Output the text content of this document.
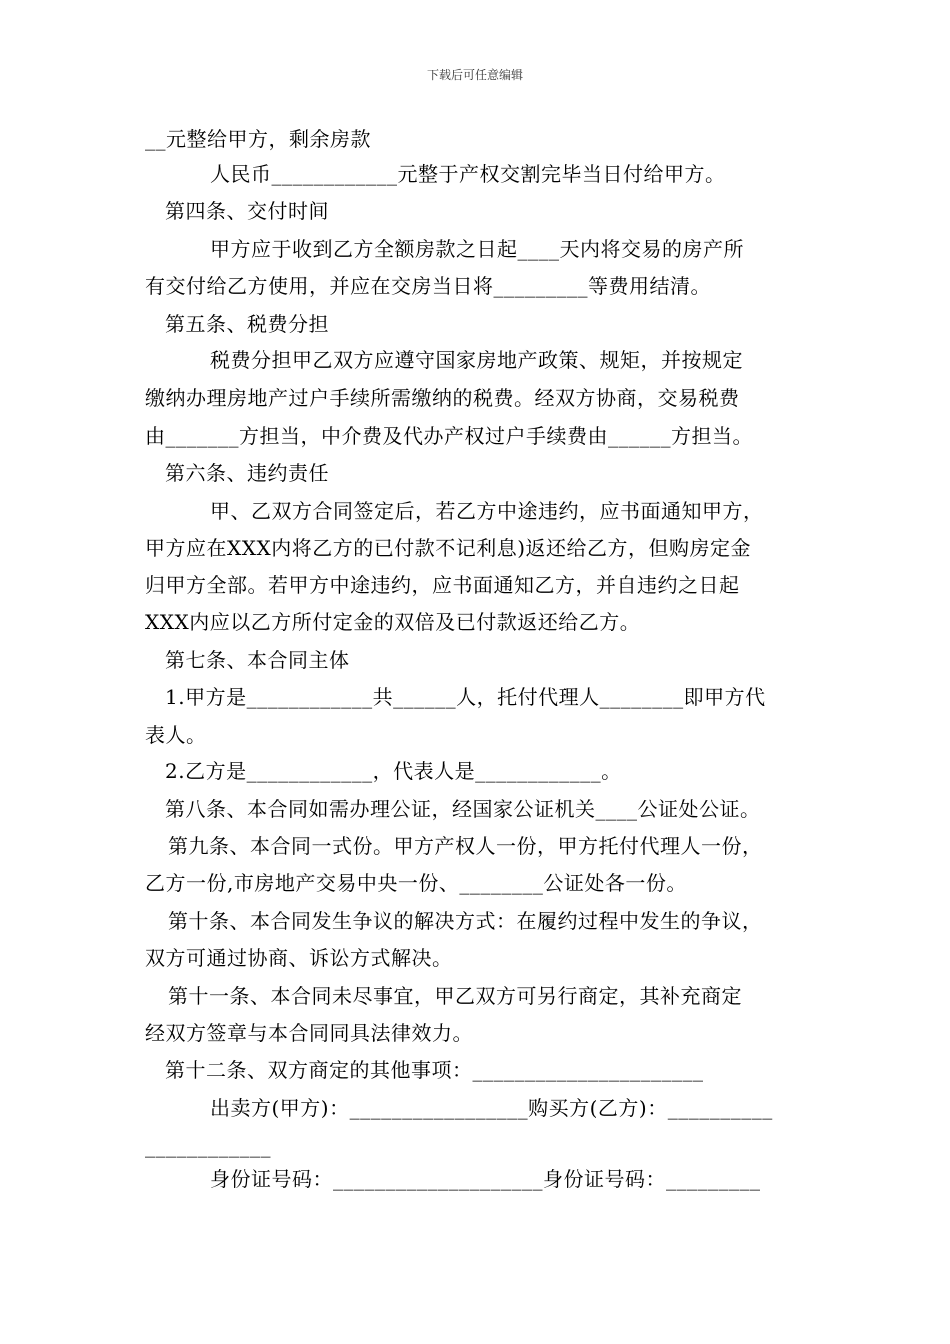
下载后可任意编辑
__元整给甲方，剩余房款
人民币____________元整于产权交割完毕当日付给甲方。
第四条、交付时间
甲方应于收到乙方全额房款之日起____天内将交易的房产所
有交付给乙方使用，并应在交房当日将_________等费用结清。
第五条、税费分担
税费分担甲乙双方应遵守国家房地产政策、规矩，并按规定
缴纳办理房地产过户手续所需缴纳的税费。经双方协商，交易税费
由_______方担当，中介费及代办产权过户手续费由______方担当。
第六条、违约责任
甲、乙双方合同签定后，若乙方中途违约，应书面通知甲方，
甲方应在XXX内将乙方的已付款不记利息)返还给乙方，但购房定金
归甲方全部。若甲方中途违约，应书面通知乙方，并自违约之日起
XXX内应以乙方所付定金的双倍及已付款返还给乙方。
第七条、本合同主体
1.甲方是____________共______人，托付代理人________即甲方代
表人。
2.乙方是____________，代表人是____________。
第八条、本合同如需办理公证，经国家公证机关____公证处公证。
第九条、本合同一式份。甲方产权人一份，甲方托付代理人一份，
乙方一份,市房地产交易中央一份、________公证处各一份。
第十条、本合同发生争议的解决方式：在履约过程中发生的争议，
双方可通过协商、诉讼方式解决。
第十一条、本合同未尽事宜，甲乙双方可另行商定，其补充商定
经双方签章与本合同同具法律效力。
第十二条、双方商定的其他事项：______________________
出卖方(甲方)：_________________购买方(乙方)：__________
____________
身份证号码：____________________身份证号码：_________
